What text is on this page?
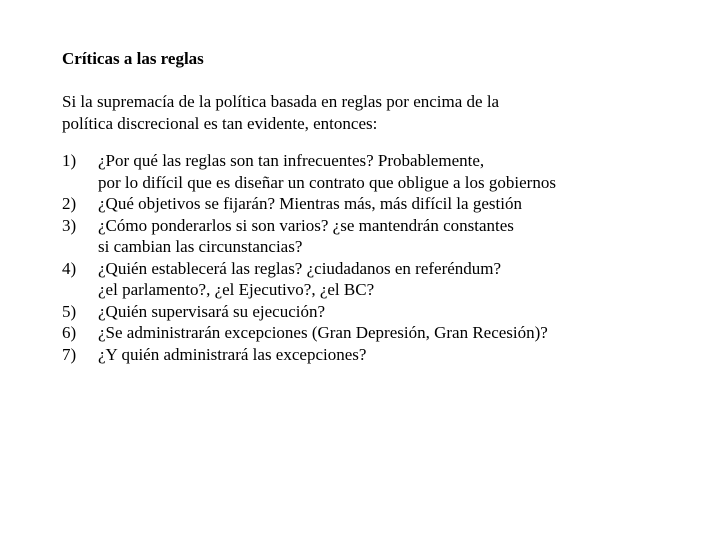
Críticas a las reglas

Si la supremacía de la política basada en reglas por encima de la
política discrecional es tan evidente, entonces:

1)	¿Por qué las reglas son tan infrecuentes? Probablemente,
por lo difícil que es diseñar un contrato que obligue a los gobiernos
2)	¿Qué objetivos se fijarán? Mientras más, más difícil la gestión
3)	¿Cómo ponderarlos si son varios? ¿se mantendrán constantes
si cambian las circunstancias?
4)	¿Quién establecerá las reglas? ¿ciudadanos en referéndum?
¿el parlamento?, ¿el Ejecutivo?, ¿el BC?
5)	¿Quién supervisará su ejecución?
6)	¿Se administrarán excepciones (Gran Depresión, Gran Recesión)?
7)	¿Y quién administrará las excepciones?
